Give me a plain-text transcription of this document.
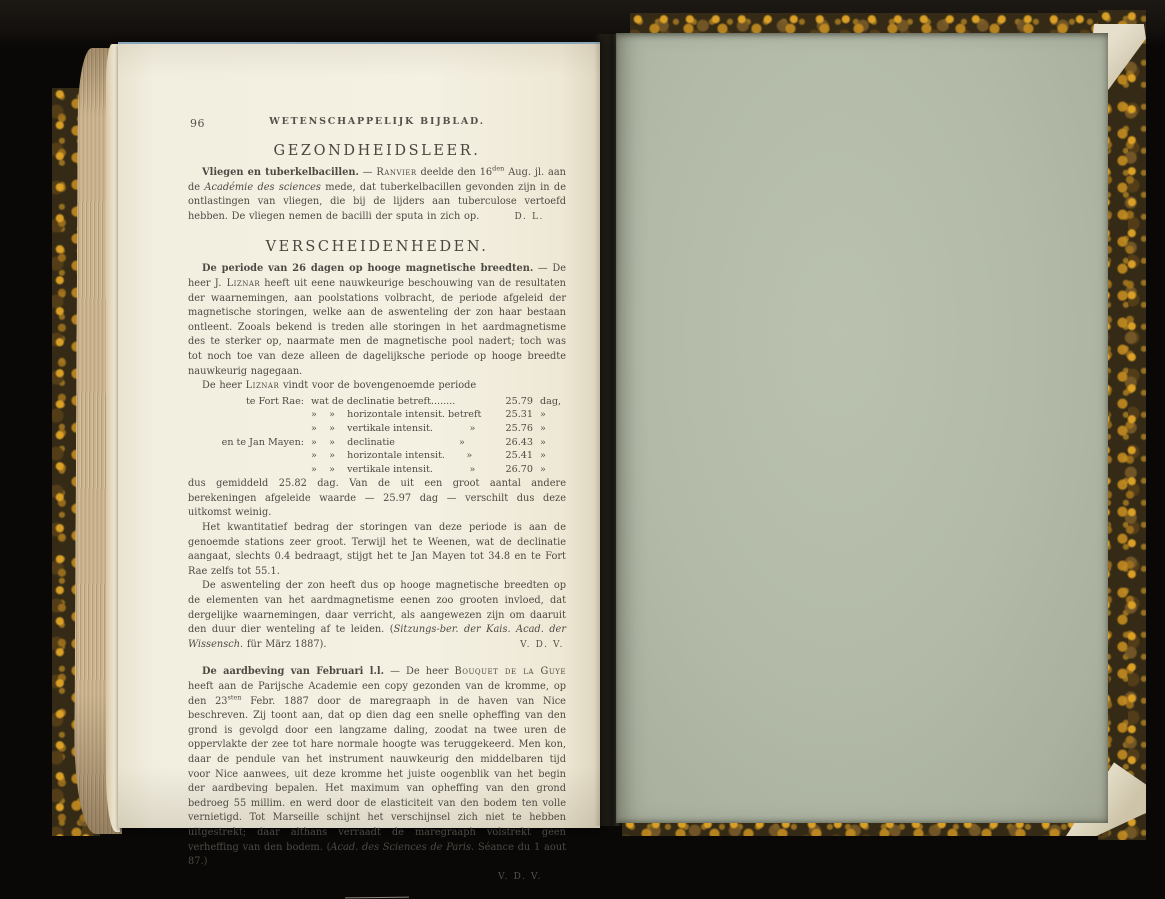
96	WETENSCHAPPELIJK BIJBLAD.
GEZONDHEIDSLEER.

Vliegen en tuberkelbacillen. — Ranvier deelde den $16^{den}$ Aug. jl. aan de Académie des sciences mede, dat tuberkelbacillen gevonden zijn in de ontlastingen van vliegen, die bij de lijders aan tuberculose vertoefd hebben. De vliegen nemen de bacilli der sputa in zich op.	D. L.
VERSCHEIDENHEDEN.

De periode van 26 dagen op hooge magnetische breedten. — De heer J. Liznar heeft uit eene nauwkeurige beschouwing van de resultaten der waarnemingen, aan poolstations volbracht, de periode afgeleid der magnetische storingen, welke aan de aswenteling der zon haar bestaan ontleent. Zooals bekend is treden alle storingen in het aardmagnetisme des te sterker op, naarmate men de magnetische pool nadert; toch was tot noch toe van deze alleen de dagelijksche periode op hooge breedte nauwkeurig nagegaan.

De heer Liznar vindt voor de bovengenoemde periode

te Fort Rae: wat de declinatie betreft........	25.79 dag,
»    »    horizontale intensit. betreft	25.31 »
»    »    vertikale intensit.            »	25.76 »
en te Jan Mayen: »    »    declinatie                     »	26.43 »
»    »    horizontale intensit.       »	25.41 »
»    »    vertikale intensit.            »	26.70 »

dus gemiddeld 25.82 dag. Van de uit een groot aantal andere berekeningen afgeleide waarde — 25.97 dag — verschilt dus deze uitkomst weinig.

Het kwantitatief bedrag der storingen van deze periode is aan de genoemde stations zeer groot. Terwijl het te Weenen, wat de declinatie aangaat, slechts 0.4 bedraagt, stijgt het te Jan Mayen tot 34.8 en te Fort Rae zelfs tot 55.1.

De aswenteling der zon heeft dus op hooge magnetische breedten op de elementen van het aardmagnetisme eenen zoo grooten invloed, dat dergelijke waarnemingen, daar verricht, als aangewezen zijn om daaruit den duur dier wenteling af te leiden. (Sitzungs-ber. der Kais. Acad. der Wissensch. für März 1887).	V. D. V.

De aardbeving van Februari l.l. — De heer Bouquet de la Guye heeft aan de Parijsche Academie een copy gezonden van de kromme, op den $23^{sten}$ Febr. 1887 door de maregraaph in de haven van Nice beschreven. Zij toont aan, dat op dien dag een snelle opheffing van den grond is gevolgd door een langzame daling, zoodat na twee uren de oppervlakte der zee tot hare normale hoogte was teruggekeerd. Men kon, daar de pendule van het instrument nauwkeurig den middelbaren tijd voor Nice aanwees, uit deze kromme het juiste oogenblik van het begin der aardbeving bepalen. Het maximum van opheffing van den grond bedroeg 55 millim. en werd door de elasticiteit van den bodem ten volle vernietigd. Tot Marseille schijnt het verschijnsel zich niet te hebben uitgestrekt; daar althans verraadt de maregraaph volstrekt geen verheffing van den bodem. (Acad. des Sciences de Paris. Séance du 1 aout 87.)

V. D. V.
